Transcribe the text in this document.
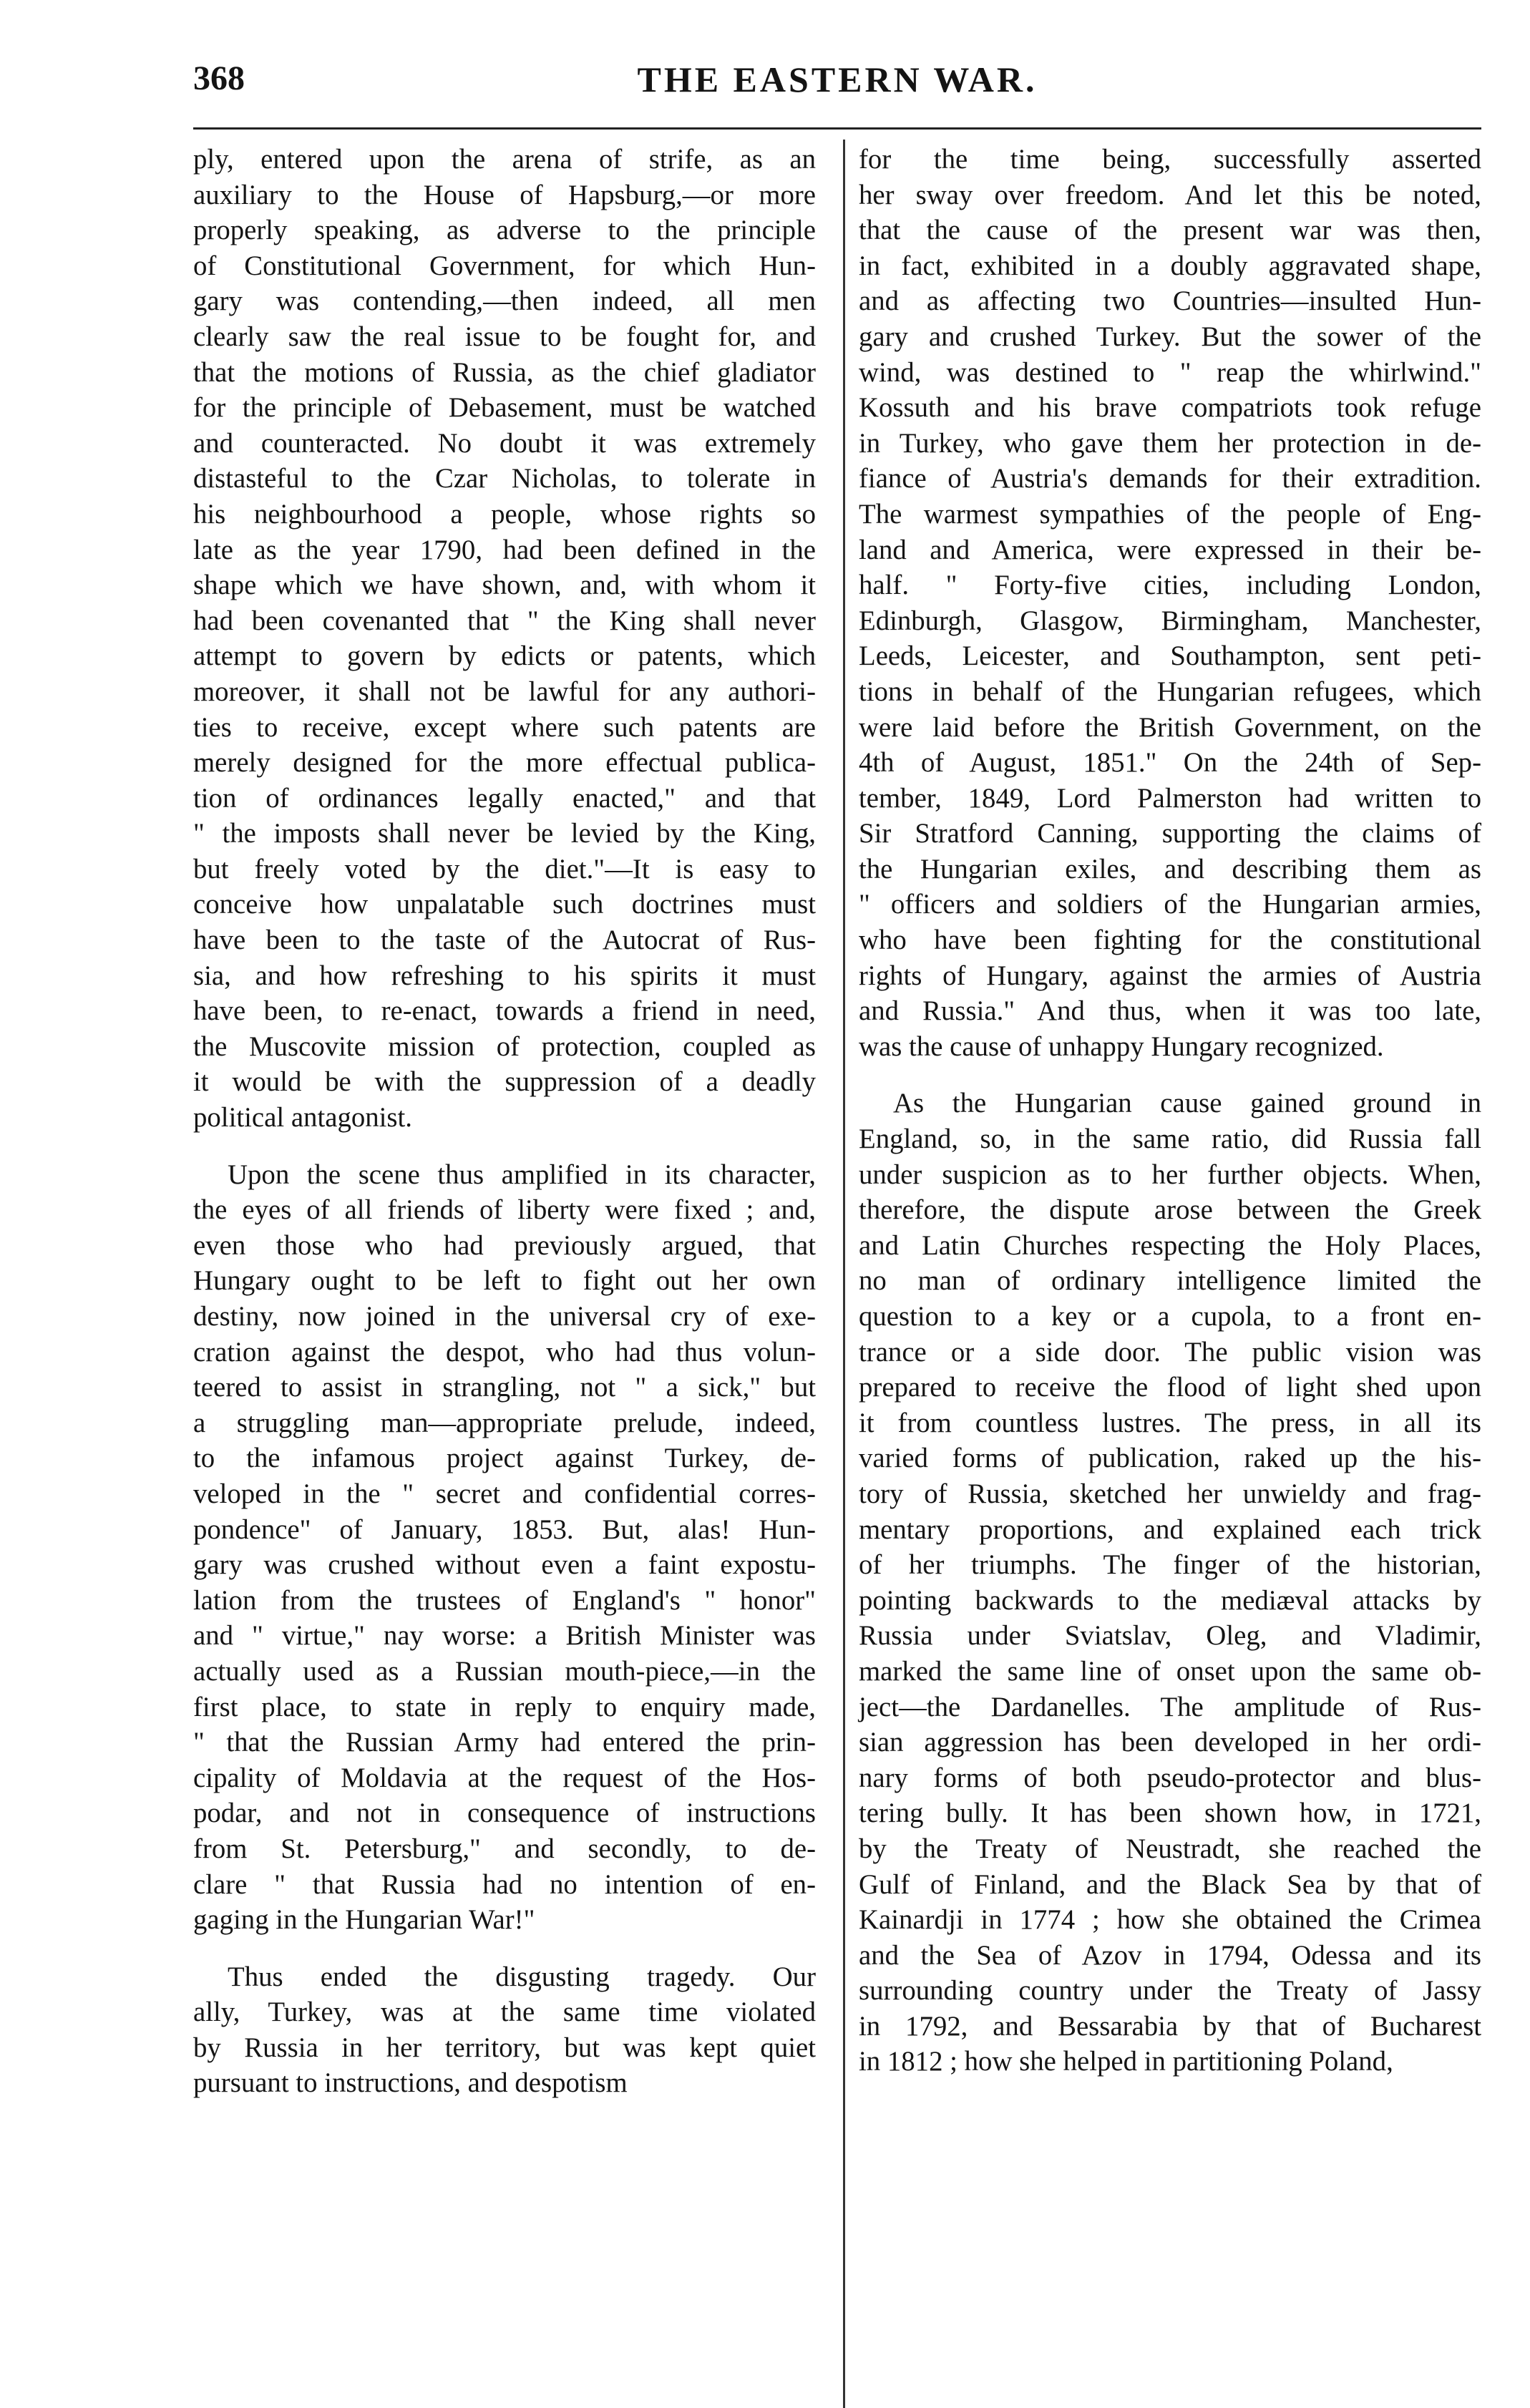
368	THE EASTERN WAR.

ply, entered upon the arena of strife, as an

auxiliary to the House of Hapsburg,—or more

properly speaking, as adverse to the principle

of Constitutional Government, for which Hun-

gary was contending,—then indeed, all men

clearly saw the real issue to be fought for, and

that the motions of Russia, as the chief gladiator

for the principle of Debasement, must be watched

and counteracted. No doubt it was extremely

distasteful to the Czar Nicholas, to tolerate in

his neighbourhood a people, whose rights so

late as the year 1790, had been defined in the

shape which we have shown, and, with whom it

had been covenanted that " the King shall never

attempt to govern by edicts or patents, which

moreover, it shall not be lawful for any authori-

ties to receive, except where such patents are

merely designed for the more effectual publica-

tion of ordinances legally enacted," and that

" the imposts shall never be levied by the King,

but freely voted by the diet."—It is easy to

conceive how unpalatable such doctrines must

have been to the taste of the Autocrat of Rus-

sia, and how refreshing to his spirits it must

have been, to re-enact, towards a friend in need,

the Muscovite mission of protection, coupled as

it would be with the suppression of a deadly

political antagonist.

Upon the scene thus amplified in its character,

the eyes of all friends of liberty were fixed ; and,

even those who had previously argued, that

Hungary ought to be left to fight out her own

destiny, now joined in the universal cry of exe-

cration against the despot, who had thus volun-

teered to assist in strangling, not " a sick," but

a struggling man—appropriate prelude, indeed,

to the infamous project against Turkey, de-

veloped in the " secret and confidential corres-

pondence" of January, 1853. But, alas! Hun-

gary was crushed without even a faint expostu-

lation from the trustees of England's " honor"

and " virtue," nay worse: a British Minister was

actually used as a Russian mouth-piece,—in the

first place, to state in reply to enquiry made,

" that the Russian Army had entered the prin-

cipality of Moldavia at the request of the Hos-

podar, and not in consequence of instructions

from St. Petersburg," and secondly, to de-

clare " that Russia had no intention of en-

gaging in the Hungarian War!"

Thus ended the disgusting tragedy. Our

ally, Turkey, was at the same time violated

by Russia in her territory, but was kept quiet

pursuant to instructions, and despotism

for the time being, successfully asserted

her sway over freedom. And let this be noted,

that the cause of the present war was then,

in fact, exhibited in a doubly aggravated shape,

and as affecting two Countries—insulted Hun-

gary and crushed Turkey. But the sower of the

wind, was destined to " reap the whirlwind."

Kossuth and his brave compatriots took refuge

in Turkey, who gave them her protection in de-

fiance of Austria's demands for their extradition.

The warmest sympathies of the people of Eng-

land and America, were expressed in their be-

half. " Forty-five cities, including London,

Edinburgh, Glasgow, Birmingham, Manchester,

Leeds, Leicester, and Southampton, sent peti-

tions in behalf of the Hungarian refugees, which

were laid before the British Government, on the

4th of August, 1851." On the 24th of Sep-

tember, 1849, Lord Palmerston had written to

Sir Stratford Canning, supporting the claims of

the Hungarian exiles, and describing them as

" officers and soldiers of the Hungarian armies,

who have been fighting for the constitutional

rights of Hungary, against the armies of Austria

and Russia." And thus, when it was too late,

was the cause of unhappy Hungary recognized.

As the Hungarian cause gained ground in

England, so, in the same ratio, did Russia fall

under suspicion as to her further objects. When,

therefore, the dispute arose between the Greek

and Latin Churches respecting the Holy Places,

no man of ordinary intelligence limited the

question to a key or a cupola, to a front en-

trance or a side door. The public vision was

prepared to receive the flood of light shed upon

it from countless lustres. The press, in all its

varied forms of publication, raked up the his-

tory of Russia, sketched her unwieldy and frag-

mentary proportions, and explained each trick

of her triumphs. The finger of the historian,

pointing backwards to the mediæval attacks by

Russia under Sviatslav, Oleg, and Vladimir,

marked the same line of onset upon the same ob-

ject—the Dardanelles. The amplitude of Rus-

sian aggression has been developed in her ordi-

nary forms of both pseudo-protector and blus-

tering bully. It has been shown how, in 1721,

by the Treaty of Neustradt, she reached the

Gulf of Finland, and the Black Sea by that of

Kainardji in 1774 ; how she obtained the Crimea

and the Sea of Azov in 1794, Odessa and its

surrounding country under the Treaty of Jassy

in 1792, and Bessarabia by that of Bucharest

in 1812 ; how she helped in partitioning Poland,
